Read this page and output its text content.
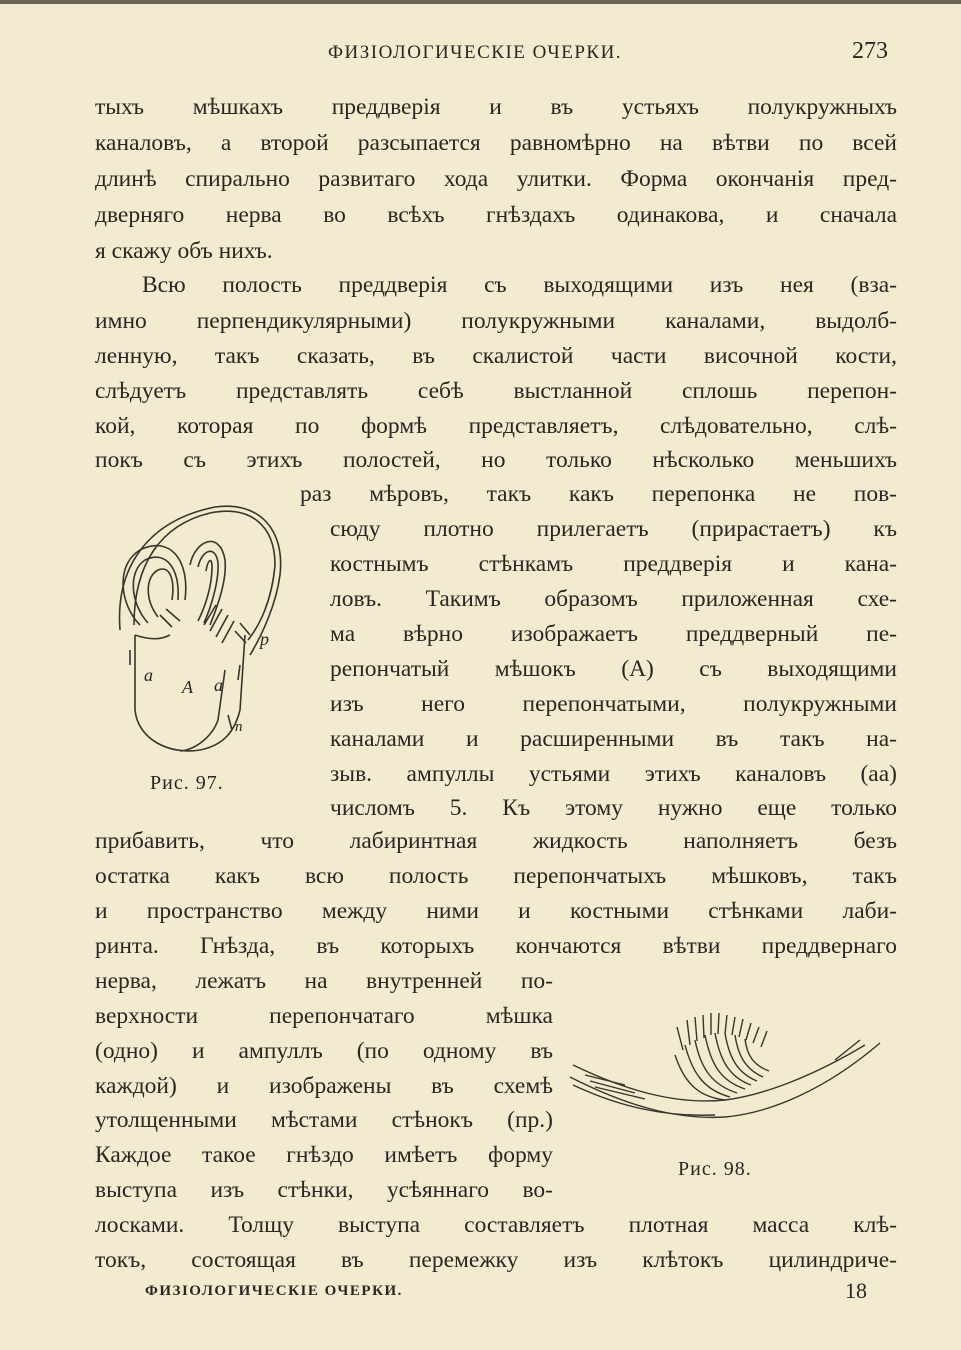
ФИЗІОЛОГИЧЕСКІЕ ОЧЕРКИ.	273
тыхъ мѣшкахъ преддверія и въ устьяхъ полукружныхъ
каналовъ, а второй разсыпается равномѣрно на вѣтви по всей
длинѣ спирально развитаго хода улитки. Форма окончанія пред-
дверняго нерва во всѣхъ гнѣздахъ одинакова, и сначала
я скажу объ нихъ.
Всю полость преддверія съ выходящими изъ нея (вза-
имно перпендикулярными) полукружными каналами, выдолб-
ленную, такъ сказать, въ скалистой части височной кости,
слѣдуетъ представлять себѣ выстланной сплошь перепон-
кой, которая по формѣ представляетъ, слѣдовательно, слѣ-
покъ съ этихъ полостей, но только нѣсколько меньшихъ
раз мѣровъ, такъ какъ перепонка не пов-
сюду плотно прилегаетъ (прирастаетъ) къ
костнымъ стѣнкамъ преддверія и кана-
ловъ. Такимъ образомъ приложенная схе-
ма вѣрно изображаетъ преддверный пе-
репончатый мѣшокъ (А) съ выходящими
изъ него перепончатыми, полукружными
каналами и расширенными въ такъ на-
зыв. ампуллы устьями этихъ каналовъ (аа)
числомъ 5. Къ этому нужно еще только
a
A a
p
n
Рис. 97.
прибавить, что лабиринтная жидкость наполняетъ безъ
остатка какъ всю полость перепончатыхъ мѣшковъ, такъ
и пространство между ними и костными стѣнками лаби-
ринта. Гнѣзда, въ которыхъ кончаются вѣтви преддвернаго
нерва, лежатъ на внутренней по-
верхности перепончатаго мѣшка
(одно) и ампуллъ (по одному въ
каждой) и изображены въ схемѣ
утолщенными мѣстами стѣнокъ (пр.)
Каждое такое гнѣздо имѣетъ форму
выступа изъ стѣнки, усѣяннаго во-
Рис. 98.
лосками. Толщу выступа составляетъ плотная масса клѣ-
токъ, состоящая въ перемежку изъ клѣтокъ цилиндриче-
ФИЗІОЛОГИЧЕСКІЕ ОЧЕРКИ.	18
